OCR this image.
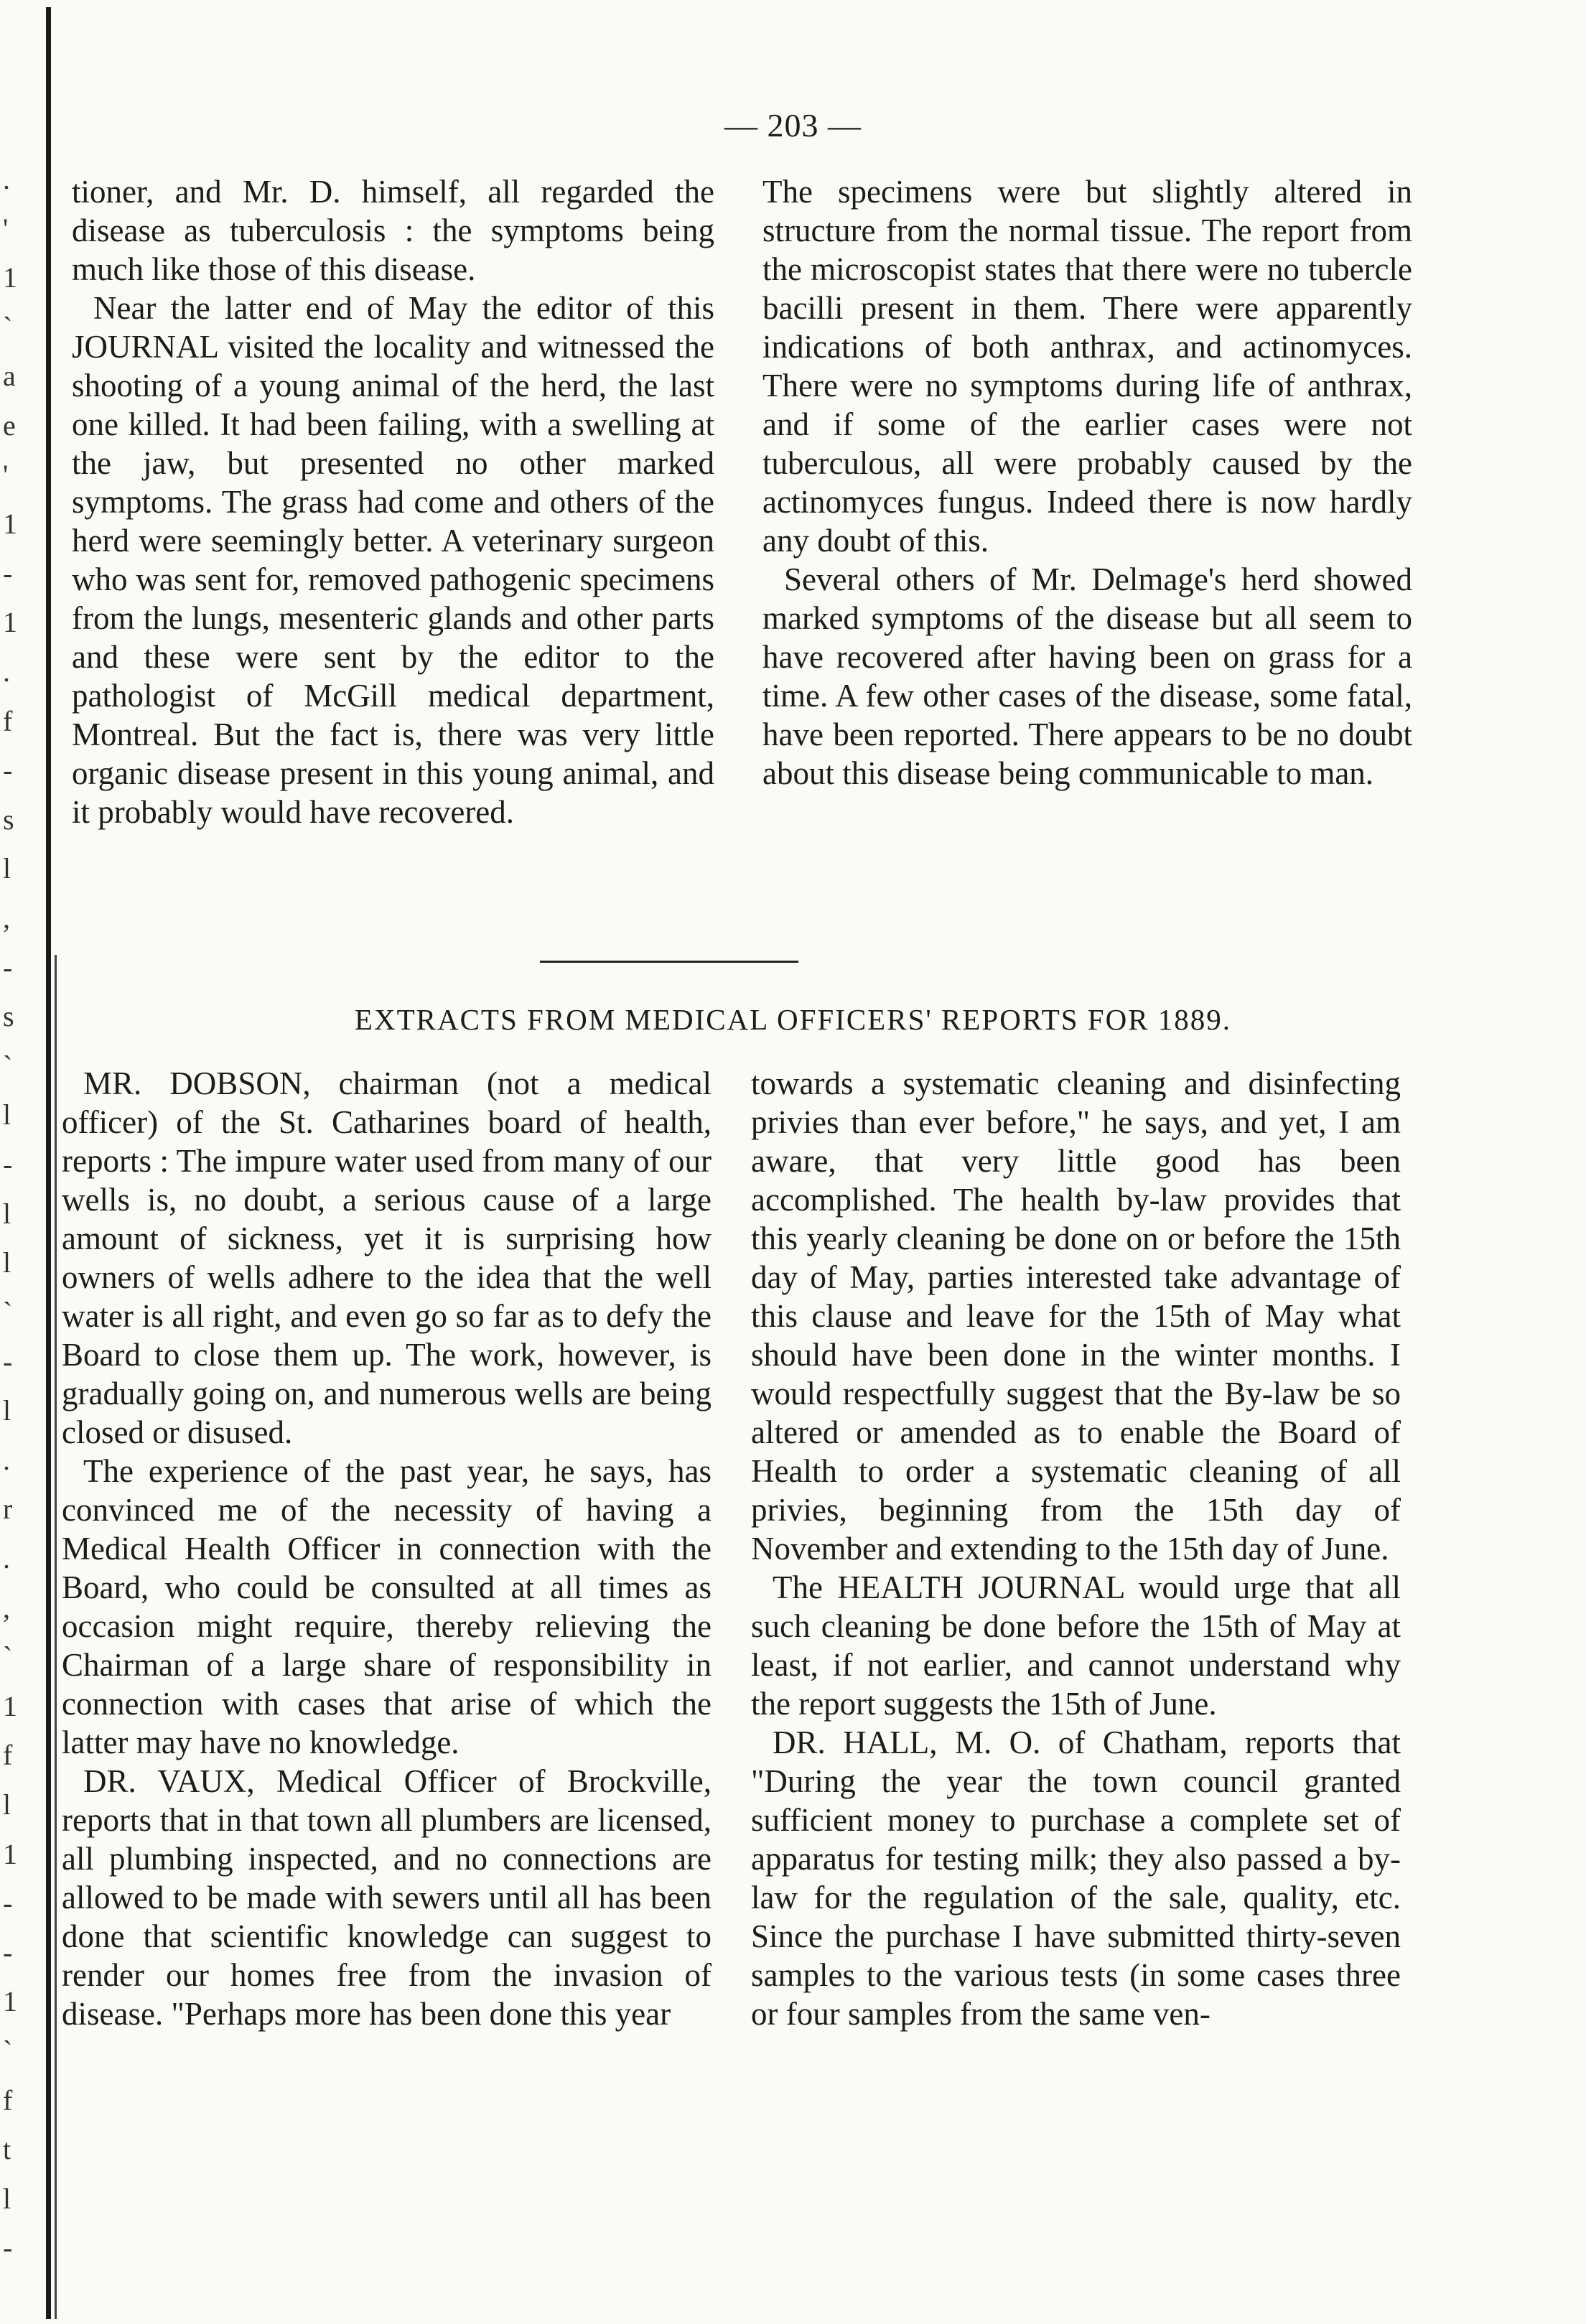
.
'
1
`
a
e
'
1
-
1
.
f
-
s
l
,
-
s
`
l
-
l
l
`
-
l
.
r
.
,
`
1
f
l
1
-
-
1
`
f
t
l
-
— 203 —

tioner, and Mr. D. himself, all regarded the disease as tuberculosis : the symptoms being much like those of this disease.

Near the latter end of May the editor of this JOURNAL visited the locality and witnessed the shooting of a young animal of the herd, the last one killed. It had been failing, with a swelling at the jaw, but presented no other marked symptoms. The grass had come and others of the herd were seemingly better. A veterinary surgeon who was sent for, removed pathogenic specimens from the lungs, mesenteric glands and other parts and these were sent by the editor to the pathologist of McGill medical department, Montreal. But the fact is, there was very little organic disease present in this young animal, and it probably would have recovered.

The specimens were but slightly altered in structure from the normal tissue. The report from the microscopist states that there were no tubercle bacilli present in them. There were apparently indications of both anthrax, and actinomyces. There were no symptoms during life of anthrax, and if some of the earlier cases were not tuberculous, all were probably caused by the actinomyces fungus. Indeed there is now hardly any doubt of this.

Several others of Mr. Delmage's herd showed marked symptoms of the disease but all seem to have recovered after having been on grass for a time. A few other cases of the disease, some fatal, have been reported. There appears to be no doubt about this disease being communicable to man.

EXTRACTS FROM MEDICAL OFFICERS' REPORTS FOR 1889.

MR. DOBSON, chairman (not a medical officer) of the St. Catharines board of health, reports : The impure water used from many of our wells is, no doubt, a serious cause of a large amount of sickness, yet it is surprising how owners of wells adhere to the idea that the well water is all right, and even go so far as to defy the Board to close them up. The work, however, is gradually going on, and numerous wells are being closed or disused.

The experience of the past year, he says, has convinced me of the necessity of having a Medical Health Officer in connection with the Board, who could be consulted at all times as occasion might require, thereby relieving the Chairman of a large share of responsibility in connection with cases that arise of which the latter may have no knowledge.

DR. VAUX, Medical Officer of Brockville, reports that in that town all plumbers are licensed, all plumbing inspected, and no connections are allowed to be made with sewers until all has been done that scientific knowledge can suggest to render our homes free from the invasion of disease. "Perhaps more has been done this year

towards a systematic cleaning and disinfecting privies than ever before," he says, and yet, I am aware, that very little good has been accomplished. The health by-law provides that this yearly cleaning be done on or before the 15th day of May, parties interested take advantage of this clause and leave for the 15th of May what should have been done in the winter months. I would respectfully suggest that the By-law be so altered or amended as to enable the Board of Health to order a systematic cleaning of all privies, beginning from the 15th day of November and extending to the 15th day of June.

The HEALTH JOURNAL would urge that all such cleaning be done before the 15th of May at least, if not earlier, and cannot understand why the report suggests the 15th of June.

DR. HALL, M. O. of Chatham, reports that "During the year the town council granted sufficient money to purchase a complete set of apparatus for testing milk; they also passed a by-law for the regulation of the sale, quality, etc. Since the purchase I have submitted thirty-seven samples to the various tests (in some cases three or four samples from the same ven-
